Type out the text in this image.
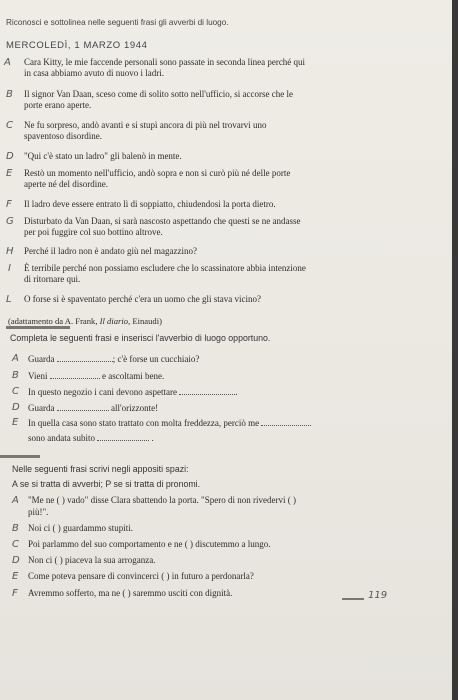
Riconosci e sottolinea nelle seguenti frasi gli avverbi di luogo.
MERCOLEDÌ, 1 MARZO 1944
A Cara Kitty, le mie faccende personali sono passate in seconda linea perché qui
in casa abbiamo avuto di nuovo i ladri.
B Il signor Van Daan, sceso come di solito sotto nell'ufficio, si accorse che le
porte erano aperte.
C Ne fu sorpreso, andò avanti e si stupì ancora di più nel trovarvi uno
spaventoso disordine.
D "Qui c'è stato un ladro" gli balenò in mente.
E Restò un momento nell'ufficio, andò sopra e non si curò più né delle porte
aperte né del disordine.
F Il ladro deve essere entrato lì di soppiatto, chiudendosi la porta dietro.
G Disturbato da Van Daan, si sarà nascosto aspettando che questi se ne andasse
per poi fuggire col suo bottino altrove.
H Perché il ladro non è andato giù nel magazzino?
I È terribile perché non possiamo escludere che lo scassinatore abbia intenzione
di ritornare qui.
L O forse si è spaventato perché c'era un uomo che gli stava vicino?
(adattamento da A. Frank, Il diario, Einaudi)
Completa le seguenti frasi e inserisci l'avverbio di luogo opportuno.
A Guarda	; c'è forse un cucchiaio?
B Vieni	e ascoltami bene.
C In questo negozio i cani devono aspettare	.
D Guarda	all'orizzonte!
E In quella casa sono stato trattato con molta freddezza, perciò me
sono andata subito	.
Nelle seguenti frasi scrivi negli appositi spazi:
A se si tratta di avverbi; P se si tratta di pronomi.
A "Me ne ( ) vado" disse Clara sbattendo la porta. "Spero di non rivedervi ( )
più!".
B Noi ci ( ) guardammo stupiti.
C Poi parlammo del suo comportamento e ne ( ) discutemmo a lungo.
D Non ci ( ) piaceva la sua arroganza.
E Come poteva pensare di convincerci ( ) in futuro a perdonarla?
F Avremmo sofferto, ma ne ( ) saremmo usciti con dignità.	119
